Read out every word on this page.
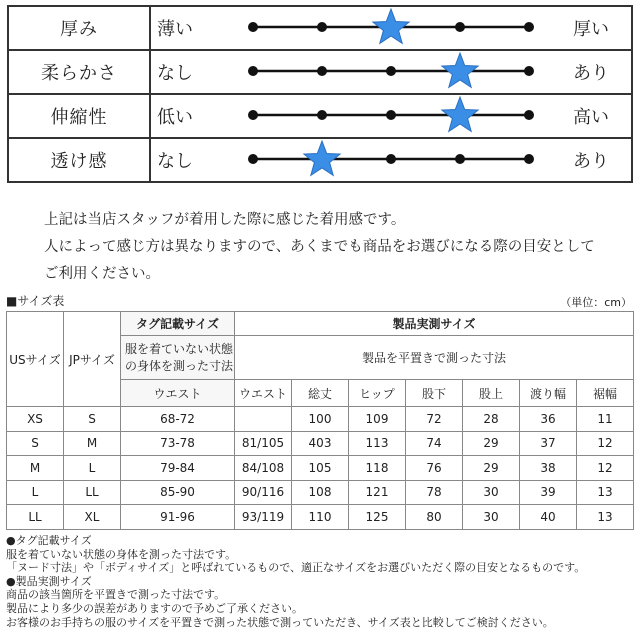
厚み	薄い	厚い
柔らかさ	なし	あり
伸縮性	低い	高い
透け感	なし	あり
上記は当店スタッフが着用した際に感じた着用感です。
人によって感じ方は異なりますので、あくまでも商品をお選びになる際の目安として
ご利用ください。
■サイズ表	（単位：cm）
USサイズ	JPサイズ	タグ記載サイズ	製品実測サイズ						
		服を着ていない状態の身体を測った寸法	製品を平置きで測った寸法						
		ウエスト	ウエスト	総丈	ヒップ	股下	股上	渡り幅	裾幅
XS	S	68-72		100	109	72	28	36	11
S	M	73-78	81/105	403	113	74	29	37	12
M	L	79-84	84/108	105	118	76	29	38	12
L	LL	85-90	90/116	108	121	78	30	39	13
LL	XL	91-96	93/119	110	125	80	30	40	13
●タグ記載サイズ
服を着ていない状態の身体を測った寸法です。
「ヌード寸法」や「ボディサイズ」と呼ばれているもので、適正なサイズをお選びいただく際の目安となるものです。
●製品実測サイズ
商品の該当箇所を平置きで測った寸法です。
製品により多少の誤差がありますので予めご了承ください。
お客様のお手持ちの服のサイズを平置きで測った状態で測っていただき、サイズ表と比較してご検討ください。
